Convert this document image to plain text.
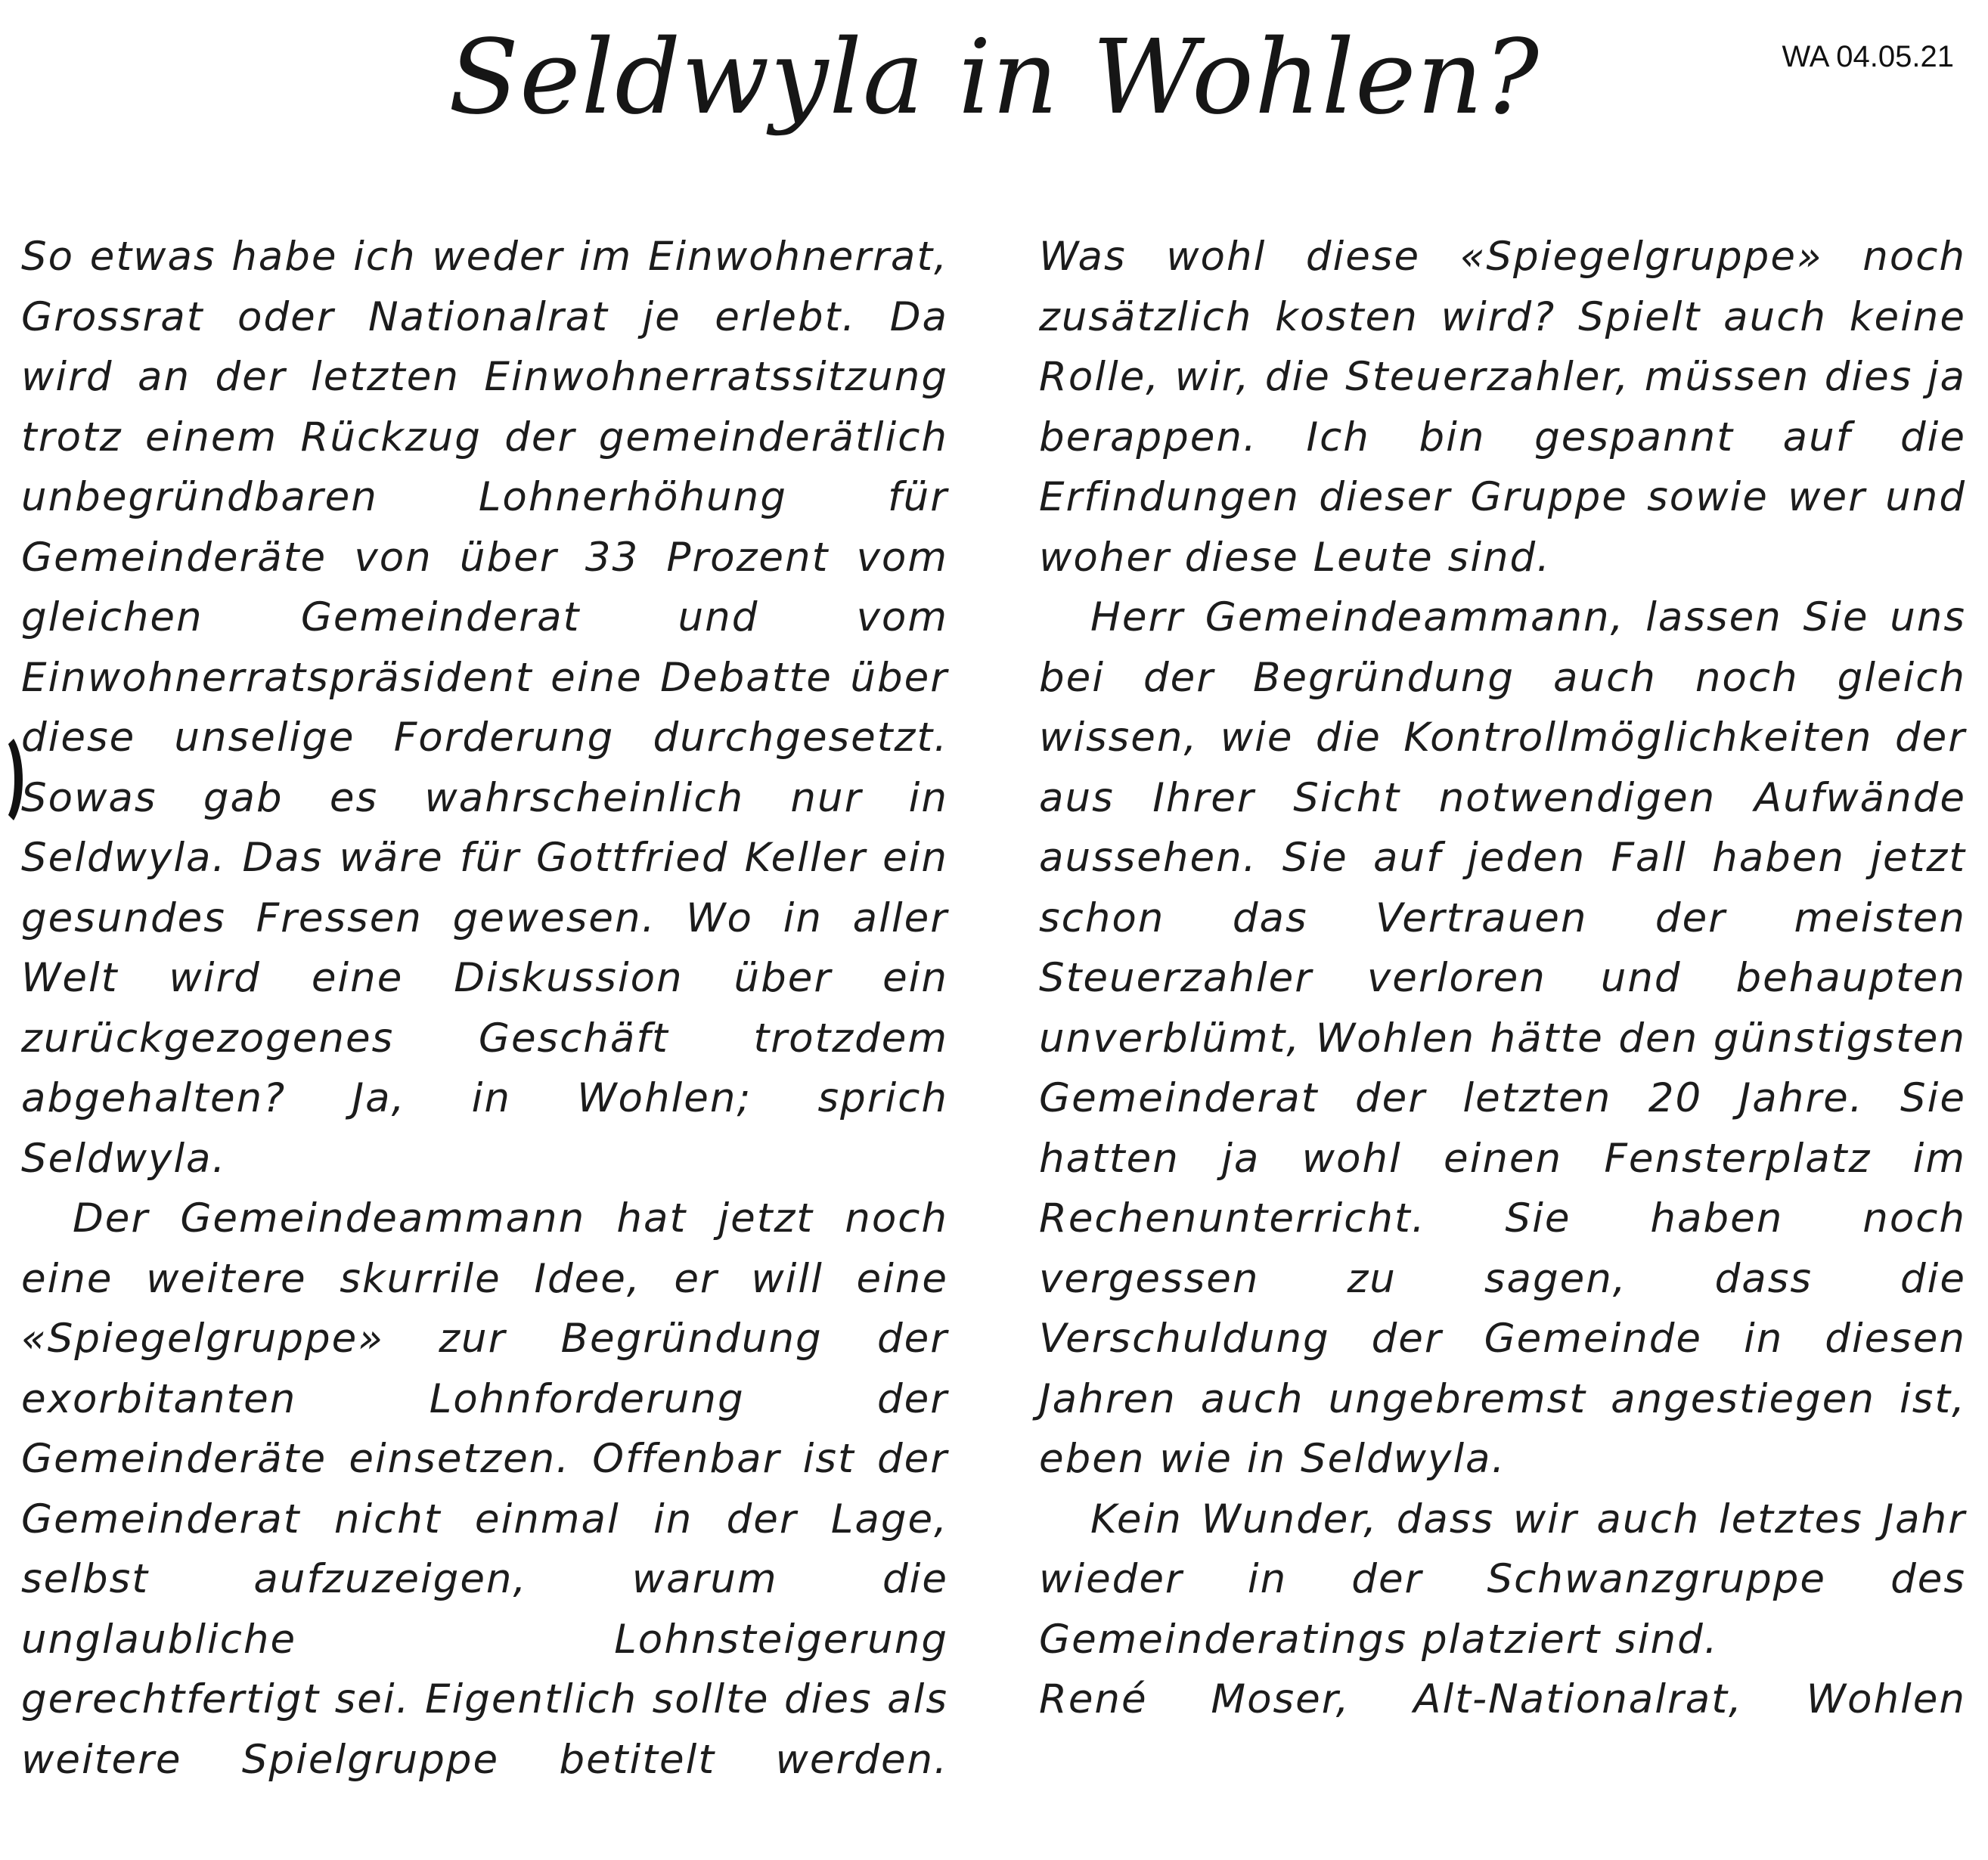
Seldwyla in Wohlen?	WA 04.05.21

So etwas habe ich weder im Einwohnerrat, Grossrat oder Nationalrat je erlebt. Da wird an der letzten Einwohnerratssitzung trotz einem Rückzug der gemeinderätlich unbegründbaren Lohnerhöhung für Gemeinderäte von über 33 Prozent vom gleichen Gemeinderat und vom Einwohnerratspräsident eine Debatte über diese unselige Forderung durchgesetzt. Sowas gab es wahrscheinlich nur in Seldwyla. Das wäre für Gottfried Keller ein gesundes Fressen gewesen. Wo in aller Welt wird eine Diskussion über ein zurückgezogenes Geschäft trotzdem abgehalten? Ja, in Wohlen; sprich Seldwyla.

Der Gemeindeammann hat jetzt noch eine weitere skurrile Idee, er will eine «Spiegelgruppe» zur Begründung der exorbitanten Lohnforderung der Gemeinderäte einsetzen. Offenbar ist der Gemeinderat nicht einmal in der Lage, selbst aufzuzeigen, warum die unglaubliche Lohnsteigerung gerechtfertigt sei. Eigentlich sollte dies als weitere Spielgruppe betitelt werden.

Was wohl diese «Spiegelgruppe» noch zusätzlich kosten wird? Spielt auch keine Rolle, wir, die Steuerzahler, müssen dies ja berappen. Ich bin gespannt auf die Erfindungen dieser Gruppe sowie wer und woher diese Leute sind.

Herr Gemeindeammann, lassen Sie uns bei der Begründung auch noch gleich wissen, wie die Kontrollmöglichkeiten der aus Ihrer Sicht notwendigen Aufwände aussehen. Sie auf jeden Fall haben jetzt schon das Vertrauen der meisten Steuerzahler verloren und behaupten unverblümt, Wohlen hätte den günstigsten Gemeinderat der letzten 20 Jahre. Sie hatten ja wohl einen Fensterplatz im Rechenunterricht. Sie haben noch vergessen zu sagen, dass die Verschuldung der Gemeinde in diesen Jahren auch ungebremst angestiegen ist, eben wie in Seldwyla.

Kein Wunder, dass wir auch letztes Jahr wieder in der Schwanzgruppe des Gemeinderatings platziert sind.

René Moser, Alt-Nationalrat, Wohlen
